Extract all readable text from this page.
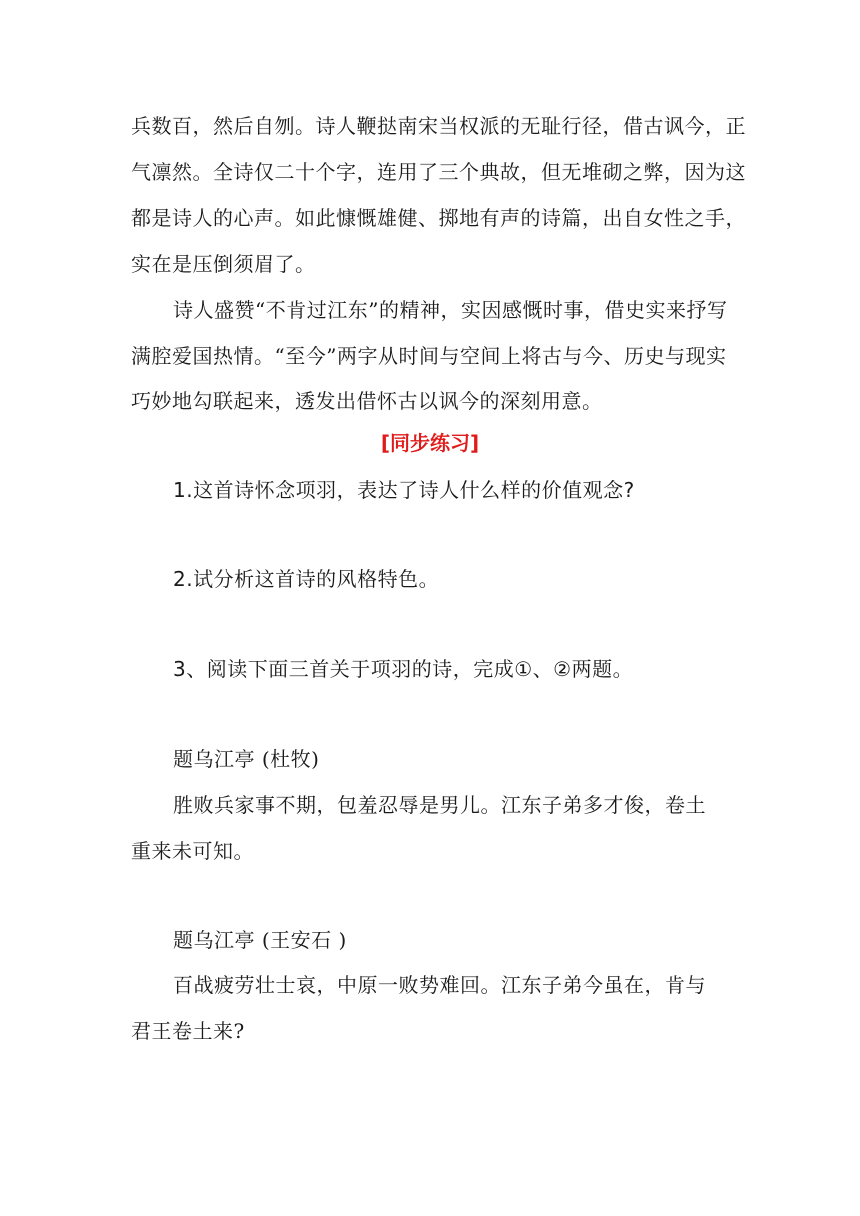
兵数百，然后自刎。诗人鞭挞南宋当权派的无耻行径，借古讽今，正
气凛然。全诗仅二十个字，连用了三个典故，但无堆砌之弊，因为这
都是诗人的心声。如此慷慨雄健、掷地有声的诗篇，出自女性之手，
实在是压倒须眉了。
诗人盛赞“不肯过江东”的精神，实因感慨时事，借史实来抒写
满腔爱国热情。“至今”两字从时间与空间上将古与今、历史与现实
巧妙地勾联起来，透发出借怀古以讽今的深刻用意。
[同步练习]
1.这首诗怀念项羽，表达了诗人什么样的价值观念?
2.试分析这首诗的风格特色。
3、阅读下面三首关于项羽的诗，完成①、②两题。
题乌江亭 (杜牧)
胜败兵家事不期，包羞忍辱是男儿。江东子弟多才俊，卷土
重来未可知。
题乌江亭 (王安石 )
百战疲劳壮士哀，中原一败势难回。江东子弟今虽在，肯与
君王卷土来?
